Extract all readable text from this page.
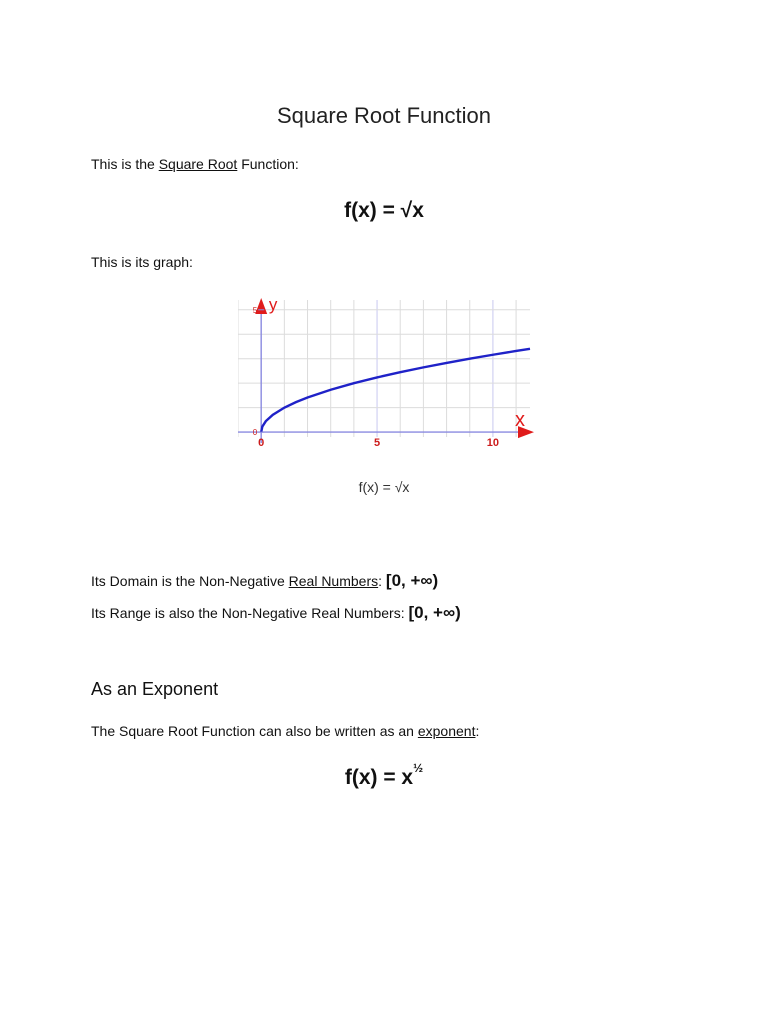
Square Root Function
This is the Square Root Function:
f(x) = √x
This is its graph:
0	5	10
0
5
x
y
f(x) = √x
Its Domain is the Non-Negative Real Numbers: [0, +∞)
Its Range is also the Non-Negative Real Numbers: [0, +∞)
As an Exponent
The Square Root Function can also be written as an exponent:
$f(x) = x^{\frac{1}{2}}$
